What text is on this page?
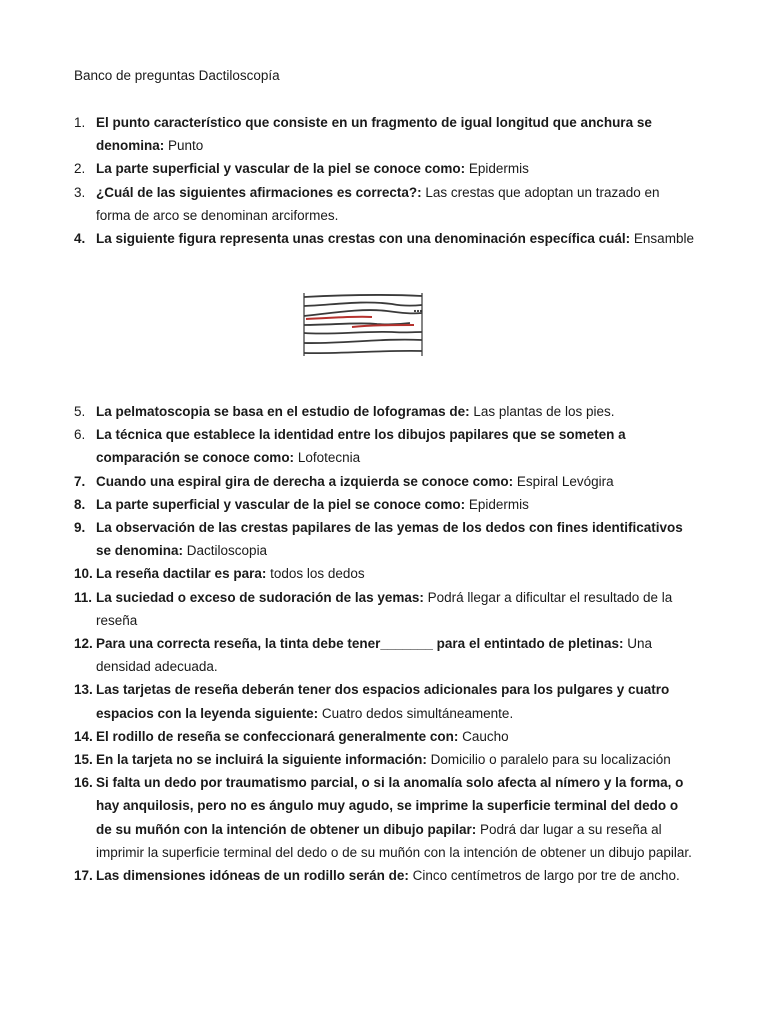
Banco de preguntas Dactiloscopía
1. El punto característico que consiste en un fragmento de igual longitud que anchura se denomina: Punto
2. La parte superficial y vascular de la piel se conoce como: Epidermis
3. ¿Cuál de las siguientes afirmaciones es correcta?: Las crestas que adoptan un trazado en forma de arco se denominan arciformes.
4. La siguiente figura representa unas crestas con una denominación específica cuál: Ensamble
5. La pelmatoscopia se basa en el estudio de lofogramas de: Las plantas de los pies.
6. La técnica que establece la identidad entre los dibujos papilares que se someten a comparación se conoce como: Lofotecnia
7. Cuando una espiral gira de derecha a izquierda se conoce como: Espiral Levógira
8. La parte superficial y vascular de la piel se conoce como: Epidermis
9. La observación de las crestas papilares de las yemas de los dedos con fines identificativos se denomina: Dactiloscopia
10. La reseña dactilar es para: todos los dedos
11. La suciedad o exceso de sudoración de las yemas: Podrá llegar a dificultar el resultado de la reseña
12. Para una correcta reseña, la tinta debe tener_______ para el entintado de pletinas: Una densidad adecuada.
13. Las tarjetas de reseña deberán tener dos espacios adicionales para los pulgares y cuatro espacios con la leyenda siguiente: Cuatro dedos simultáneamente.
14. El rodillo de reseña se confeccionará generalmente con: Caucho
15. En la tarjeta no se incluirá la siguiente información: Domicilio o paralelo para su localización
16. Si falta un dedo por traumatismo parcial, o si la anomalía solo afecta al nímero y la forma, o hay anquilosis, pero no es ángulo muy agudo, se imprime la superficie terminal del dedo o de su muñón con la intención de obtener un dibujo papilar: Podrá dar lugar a su reseña al imprimir la superficie terminal del dedo o de su muñón con la intención de obtener un dibujo papilar.
17. Las dimensiones idóneas de un rodillo serán de: Cinco centímetros de largo por tre de ancho.
